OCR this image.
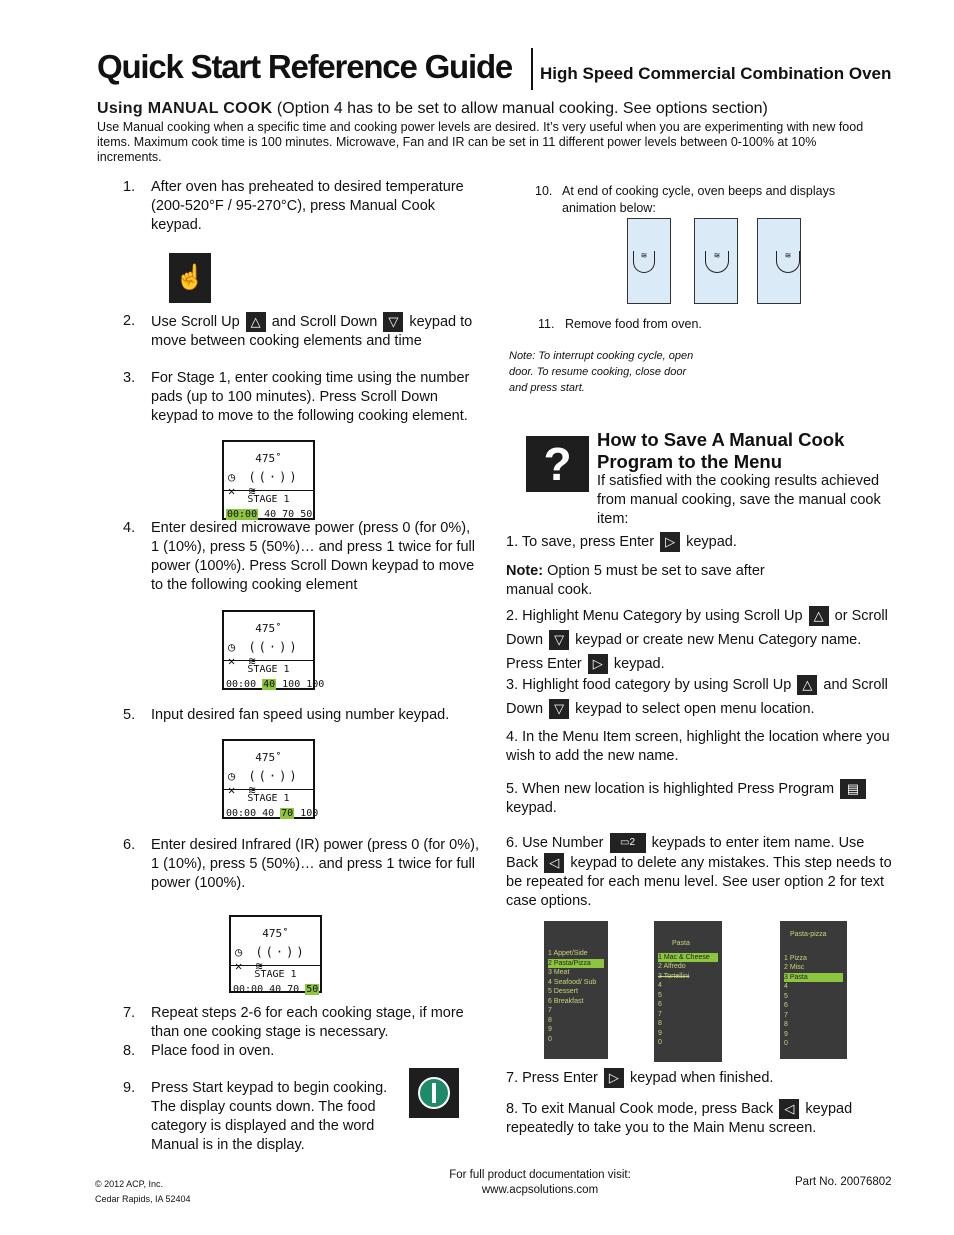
Quick Start Reference Guide High Speed Commercial Combination Oven
Using MANUAL COOK (Option 4 has to be set to allow manual cooking. See options section)
Use Manual cooking when a specific time and cooking power levels are desired. It’s very useful when you are experimenting with new food items. Maximum cook time is 100 minutes. Microwave, Fan and IR can be set in 11 different power levels between 0-100% at 10% increments.
1. After oven has preheated to desired temperature (200-520°F / 95-270°C), press Manual Cook keypad.
☝
2. Use Scroll Up △ and Scroll Down ▽ keypad to move between cooking elements and time
3. For Stage 1, enter cooking time using the number pads (up to 100 minutes). Press Scroll Down keypad to move to the following cooking element.
475˚
◷ ((·)) ✕ ≋
STAGE 1
00:00 40 70 50
4. Enter desired microwave power (press 0 (for 0%), 1 (10%), press 5 (50%)… and press 1 twice for full power (100%). Press Scroll Down keypad to move to the following cooking element
475˚
◷ ((·)) ✕ ≋
STAGE 1
00:00 40 100 100
5. Input desired fan speed using number keypad.
475˚
◷ ((·)) ✕ ≋
STAGE 1
00:00 40 70 100
6. Enter desired Infrared (IR) power (press 0 (for 0%), 1 (10%), press 5 (50%)… and press 1 twice for full power (100%).
475˚
◷ ((·)) ✕ ≋
STAGE 1
00:00 40 70 50
7. Repeat steps 2-6 for each cooking stage, if more than one cooking stage is necessary.
8. Place food in oven.
9. Press Start keypad to begin cooking. The display counts down. The food category is displayed and the word Manual is in the display.
10. At end of cooking cycle, oven beeps and displays animation below:
≋	≋	≋
11. Remove food from oven.
Note: To interrupt cooking cycle, open door. To resume cooking, close door and press start.
?	How to Save A Manual Cook Program to the Menu
If satisfied with the cooking results achieved from manual cooking, save the manual cook item:
1. To save, press Enter ▷ keypad.
Note: Option 5 must be set to save after manual cook.
2. Highlight Menu Category by using Scroll Up △ or Scroll Down ▽ keypad or create new Menu Category name. Press Enter ▷ keypad.
3. Highlight food category by using Scroll Up △ and Scroll Down ▽ keypad to select open menu location.
4. In the Menu Item screen, highlight the location where you wish to add the new name.
5. When new location is highlighted Press Program ▤ keypad.
6. Use Number ▭2 keypads to enter item name. Use Back ◁ keypad to delete any mistakes. This step needs to be repeated for each menu level. See user option 2 for text case options.
1 Appet/Side
2 Pasta/Pizza
3 Meat
4 Seafood/ Sub
5 Dessert
6 Breakfast
7
8
9
0
Pasta
1 Mac & Cheese
2 Alfredo
3 Tortellini
4
5
6
7
8
9
0
Pasta-pizza
1 Pizza
2 Misc
3 Pasta
4
5
6
7
8
9
0
7. Press Enter ▷ keypad when finished.
8. To exit Manual Cook mode, press Back ◁ keypad repeatedly to take you to the Main Menu screen.
© 2012 ACP, Inc.
Cedar Rapids, IA 52404
For full product documentation visit:
www.acpsolutions.com
Part No. 20076802
